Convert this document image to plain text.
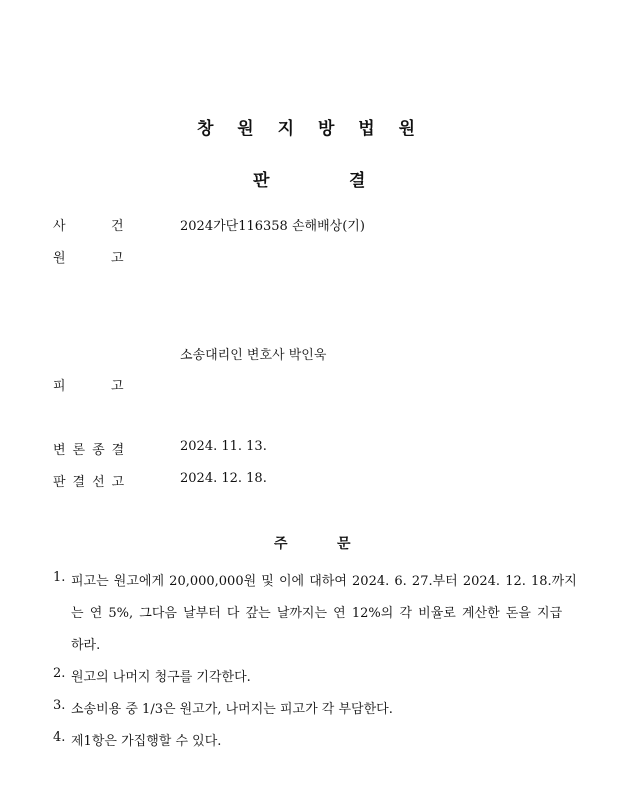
창 원 지 방 법 원
판	결
사	건	2024가단116358 손해배상(기)
원	고
소송대리인 변호사 박인욱
피	고
변론종결	2024. 11. 13.
판결선고	2024. 12. 18.
주	문
1. 피고는 원고에게 20,000,000원 및 이에 대하여 2024. 6. 27.부터 2024. 12. 18.까지
는 연 5%, 그다음 날부터 다 갚는 날까지는 연 12%의 각 비율로 계산한 돈을 지급
하라.
2. 원고의 나머지 청구를 기각한다.
3. 소송비용 중 1/3은 원고가, 나머지는 피고가 각 부담한다.
4. 제1항은 가집행할 수 있다.
